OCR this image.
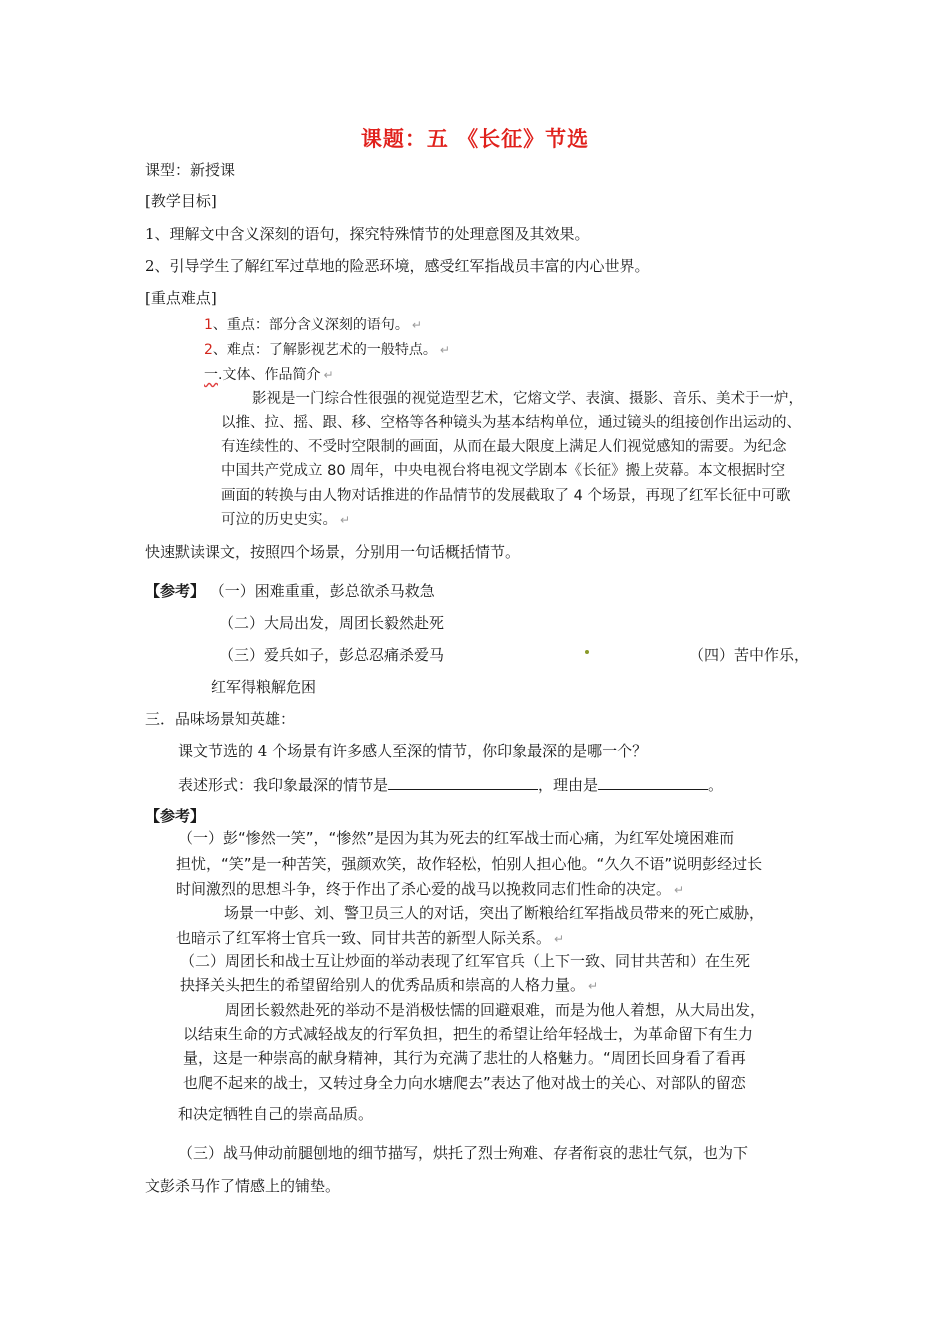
课题：五 《长征》节选
课型：新授课
[教学目标]
1、理解文中含义深刻的语句，探究特殊情节的处理意图及其效果。
2、引导学生了解红军过草地的险恶环境，感受红军指战员丰富的内心世界。
[重点难点]
1、重点：部分含义深刻的语句。 ↵
2、难点：了解影视艺术的一般特点。 ↵
一.文体、作品简介 ↵
影视是一门综合性很强的视觉造型艺术，它熔文学、表演、摄影、音乐、美术于一炉，
以推、拉、摇、跟、移、空格等各种镜头为基本结构单位，通过镜头的组接创作出运动的、
有连续性的、不受时空限制的画面，从而在最大限度上满足人们视觉感知的需要。为纪念
中国共产党成立 80 周年，中央电视台将电视文学剧本《长征》搬上荧幕。本文根据时空
画面的转换与由人物对话推进的作品情节的发展截取了 4 个场景，再现了红军长征中可歌
可泣的历史史实。 ↵
快速默读课文，按照四个场景，分别用一句话概括情节。
【参考】 （一）困难重重，彭总欲杀马救急
（二）大局出发，周团长毅然赴死
（三）爱兵如子，彭总忍痛杀爱马	（四）苦中作乐，
红军得粮解危困
三．品味场景知英雄：
课文节选的 4 个场景有许多感人至深的情节，你印象最深的是哪一个？
表述形式：我印象最深的情节是	，理由是	。
【参考】
（一）彭“惨然一笑”，“惨然”是因为其为死去的红军战士而心痛，为红军处境困难而
担忧，“笑”是一种苦笑，强颜欢笑，故作轻松，怕别人担心他。“久久不语”说明彭经过长
时间激烈的思想斗争，终于作出了杀心爱的战马以挽救同志们性命的决定。 ↵
场景一中彭、刘、警卫员三人的对话，突出了断粮给红军指战员带来的死亡威胁，
也暗示了红军将士官兵一致、同甘共苦的新型人际关系。 ↵
（二）周团长和战士互让炒面的举动表现了红军官兵（上下一致、同甘共苦和）在生死
抉择关头把生的希望留给别人的优秀品质和崇高的人格力量。 ↵
周团长毅然赴死的举动不是消极怯懦的回避艰难，而是为他人着想，从大局出发，
以结束生命的方式减轻战友的行军负担，把生的希望让给年轻战士，为革命留下有生力
量，这是一种崇高的献身精神，其行为充满了悲壮的人格魅力。“周团长回身看了看再
也爬不起来的战士，又转过身全力向水塘爬去”表达了他对战士的关心、对部队的留恋
和决定牺牲自己的崇高品质。
（三）战马伸动前腿刨地的细节描写，烘托了烈士殉难、存者衔哀的悲壮气氛，也为下
文彭杀马作了情感上的铺垫。
